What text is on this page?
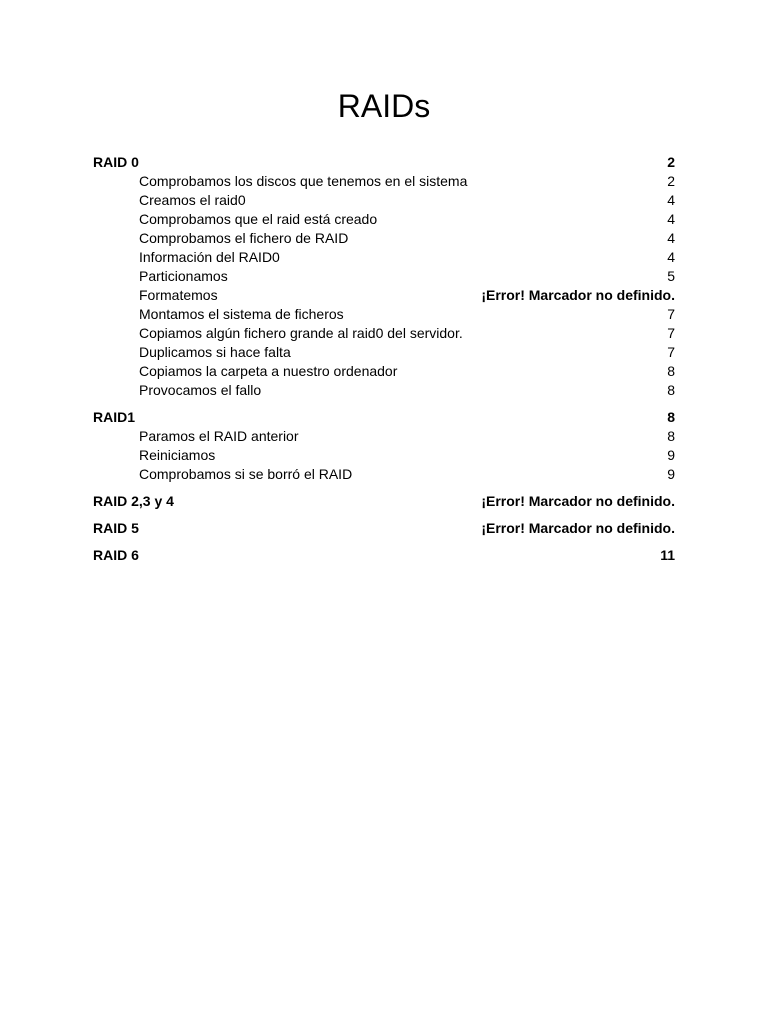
RAIDs
RAID 0	2
Comprobamos los discos que tenemos en el sistema	2
Creamos el raid0	4
Comprobamos que el raid está creado	4
Comprobamos el fichero de RAID	4
Información del RAID0	4
Particionamos	5
Formatemos	¡Error! Marcador no definido.
Montamos el sistema de ficheros	7
Copiamos algún fichero grande al raid0 del servidor.	7
Duplicamos si hace falta	7
Copiamos la carpeta a nuestro ordenador	8
Provocamos el fallo	8
RAID1	8
Paramos el RAID anterior	8
Reiniciamos	9
Comprobamos si se borró el RAID	9
RAID 2,3 y 4	¡Error! Marcador no definido.
RAID 5	¡Error! Marcador no definido.
RAID 6	11
